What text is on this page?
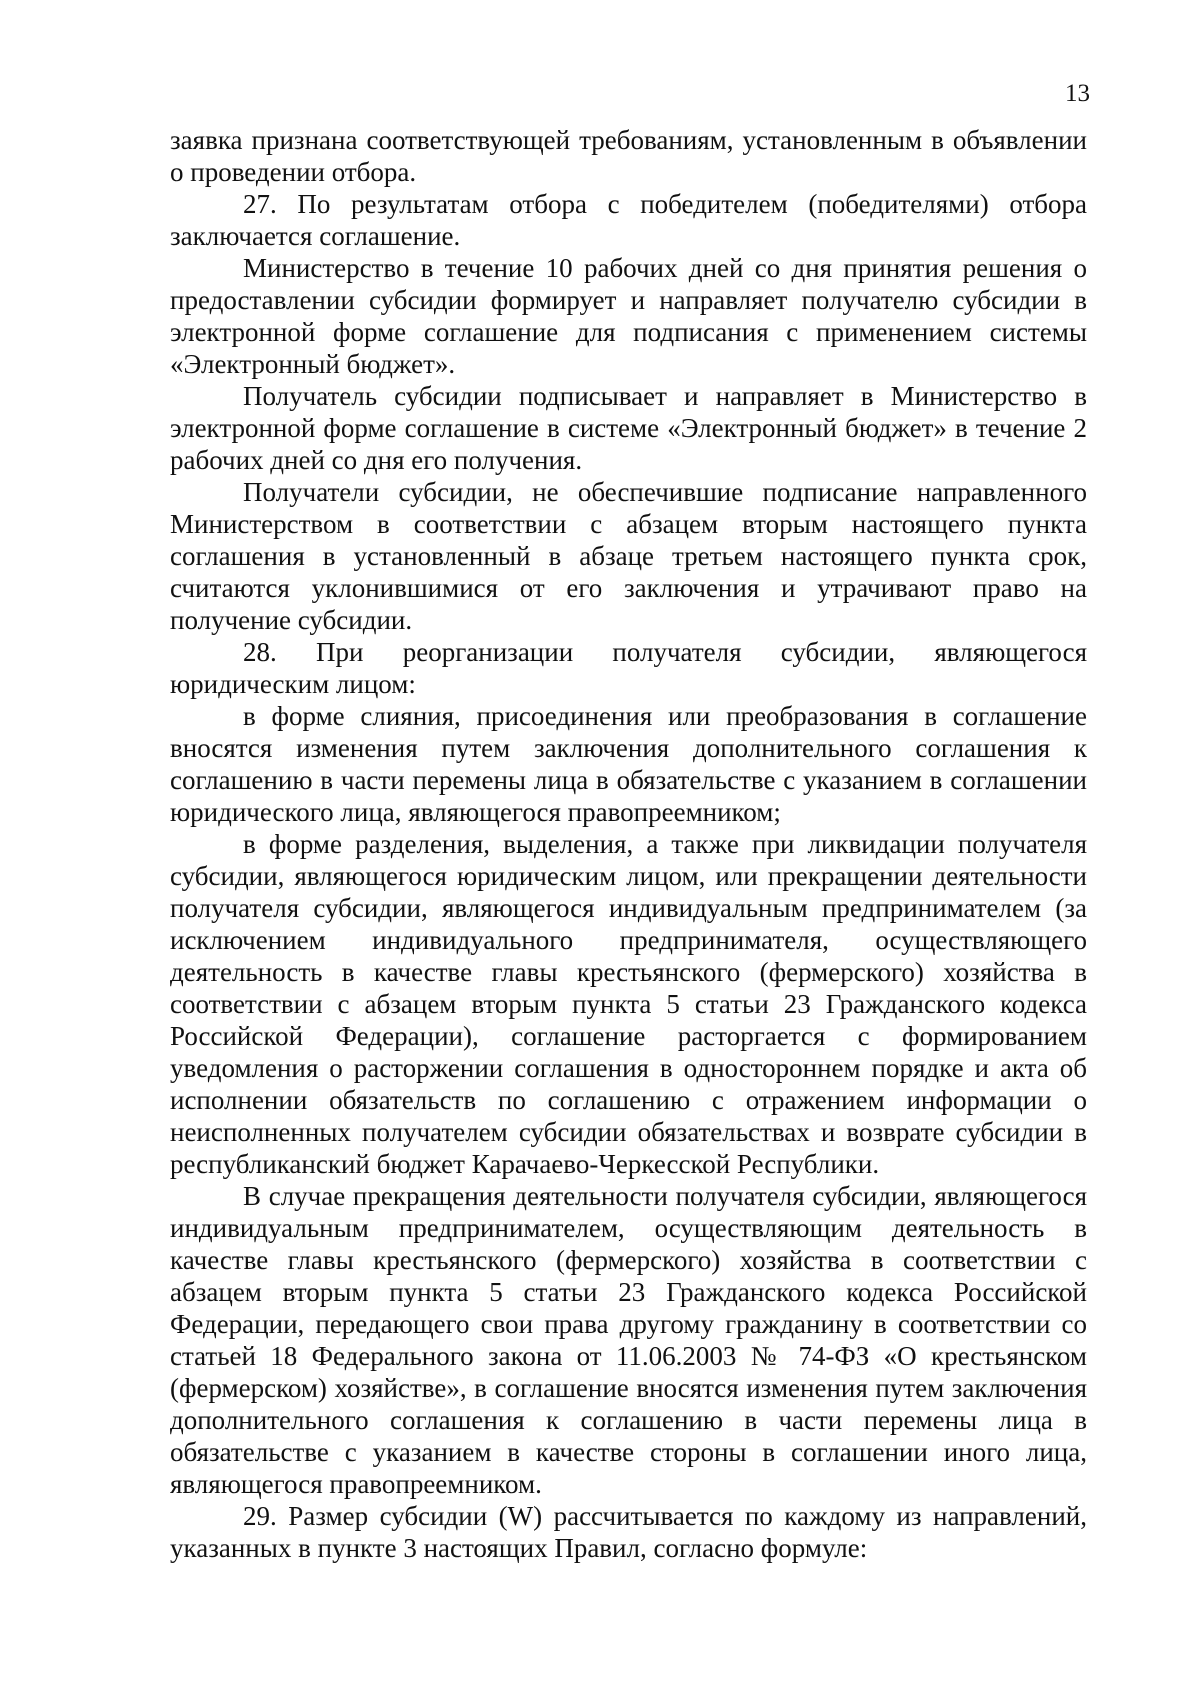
13

заявка признана соответствующей требованиям, установленным в объявлении о проведении отбора.

27. По результатам отбора с победителем (победителями) отбора заключается соглашение.

Министерство в течение 10 рабочих дней со дня принятия решения о предоставлении субсидии формирует и направляет получателю субсидии в электронной форме соглашение для подписания с применением системы «Электронный бюджет».

Получатель субсидии подписывает и направляет в Министерство в электронной форме соглашение в системе «Электронный бюджет» в течение 2 рабочих дней со дня его получения.

Получатели субсидии, не обеспечившие подписание направленного Министерством в соответствии с абзацем вторым настоящего пункта соглашения в установленный в абзаце третьем настоящего пункта срок, считаются уклонившимися от его заключения и утрачивают право на получение субсидии.

28. При реорганизации получателя субсидии, являющегося юридическим лицом:

в форме слияния, присоединения или преобразования в соглашение вносятся изменения путем заключения дополнительного соглашения к соглашению в части перемены лица в обязательстве с указанием в соглашении юридического лица, являющегося правопреемником;

в форме разделения, выделения, а также при ликвидации получателя субсидии, являющегося юридическим лицом, или прекращении деятельности получателя субсидии, являющегося индивидуальным предпринимателем (за исключением индивидуального предпринимателя, осуществляющего деятельность в качестве главы крестьянского (фермерского) хозяйства в соответствии с абзацем вторым пункта 5 статьи 23 Гражданского кодекса Российской Федерации), соглашение расторгается с формированием уведомления о расторжении соглашения в одностороннем порядке и акта об исполнении обязательств по соглашению с отражением информации о неисполненных получателем субсидии обязательствах и возврате субсидии в республиканский бюджет Карачаево-Черкесской Республики.

В случае прекращения деятельности получателя субсидии, являющегося индивидуальным предпринимателем, осуществляющим деятельность в качестве главы крестьянского (фермерского) хозяйства в соответствии с абзацем вторым пункта 5 статьи 23 Гражданского кодекса Российской Федерации, передающего свои права другому гражданину в соответствии со статьей 18 Федерального закона от 11.06.2003 № 74-ФЗ «О крестьянском (фермерском) хозяйстве», в соглашение вносятся изменения путем заключения дополнительного соглашения к соглашению в части перемены лица в обязательстве с указанием в качестве стороны в соглашении иного лица, являющегося правопреемником.

29. Размер субсидии (W) рассчитывается по каждому из направлений, указанных в пункте 3 настоящих Правил, согласно формуле:
